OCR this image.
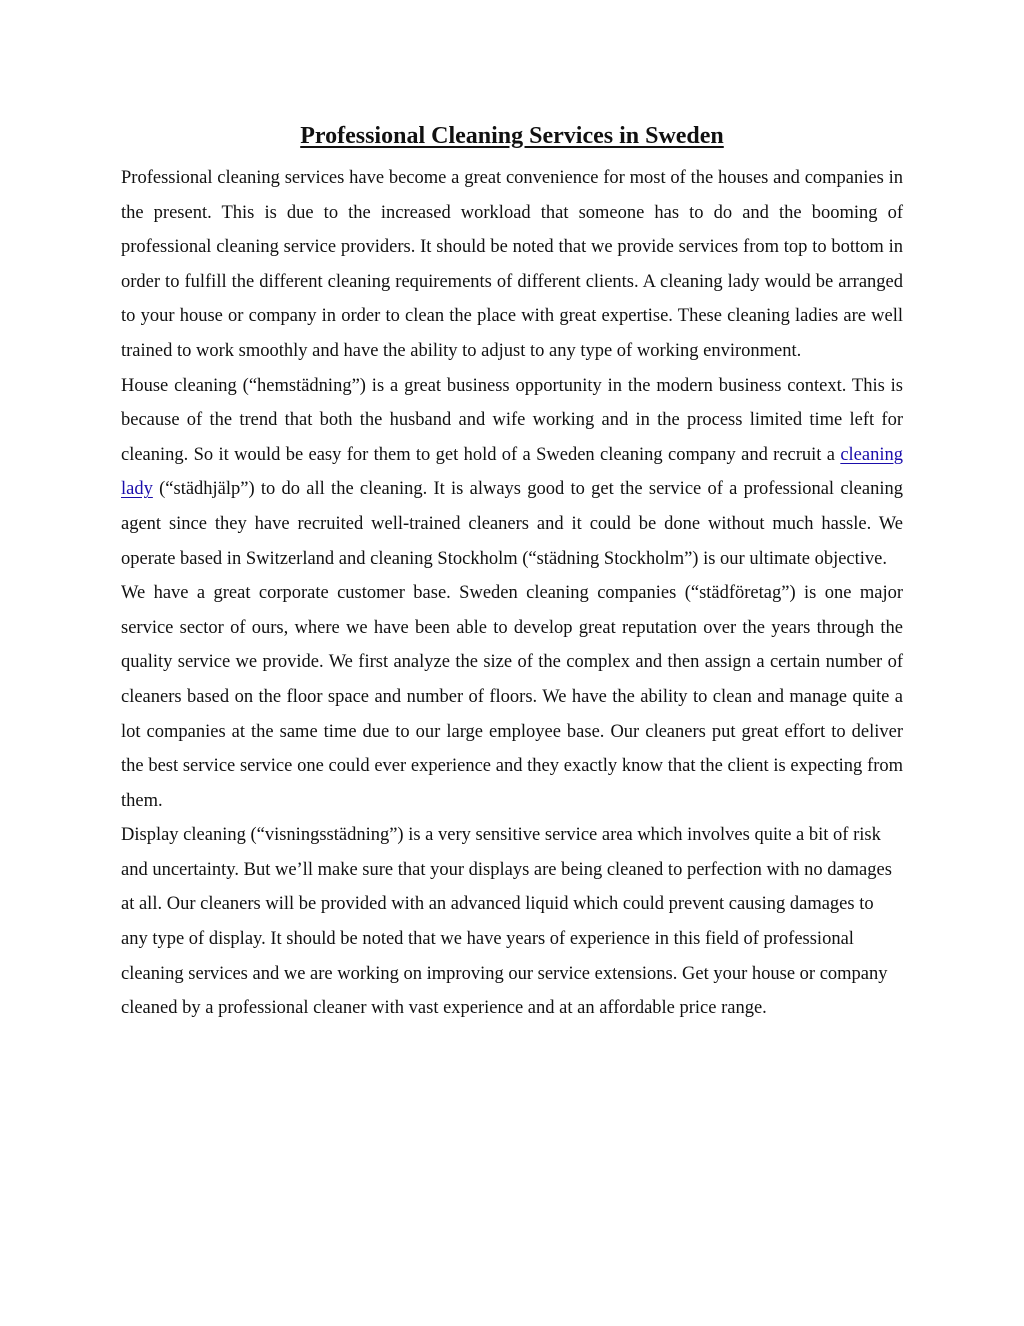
Professional Cleaning Services in Sweden

Professional cleaning services have become a great convenience for most of the houses and companies in the present. This is due to the increased workload that someone has to do and the booming of professional cleaning service providers. It should be noted that we provide services from top to bottom in order to fulfill the different cleaning requirements of different clients. A cleaning lady would be arranged to your house or company in order to clean the place with great expertise. These cleaning ladies are well trained to work smoothly and have the ability to adjust to any type of working environment.

House cleaning (“hemstädning”) is a great business opportunity in the modern business context. This is because of the trend that both the husband and wife working and in the process limited time left for cleaning. So it would be easy for them to get hold of a Sweden cleaning company and recruit a cleaning lady (“städhjälp”) to do all the cleaning. It is always good to get the service of a professional cleaning agent since they have recruited well-trained cleaners and it could be done without much hassle. We operate based in Switzerland and cleaning Stockholm (“städning Stockholm”) is our ultimate objective.

We have a great corporate customer base. Sweden cleaning companies (“städföretag”) is one major service sector of ours, where we have been able to develop great reputation over the years through the quality service we provide. We first analyze the size of the complex and then assign a certain number of cleaners based on the floor space and number of floors. We have the ability to clean and manage quite a lot companies at the same time due to our large employee base. Our cleaners put great effort to deliver the best service service one could ever experience and they exactly know that the client is expecting from them.

Display cleaning (“visningsstädning”) is a very sensitive service area which involves quite a bit of risk and uncertainty. But we’ll make sure that your displays are being cleaned to perfection with no damages at all. Our cleaners will be provided with an advanced liquid which could prevent causing damages to any type of display. It should be noted that we have years of experience in this field of professional cleaning services and we are working on improving our service extensions. Get your house or company cleaned by a professional cleaner with vast experience and at an affordable price range.
